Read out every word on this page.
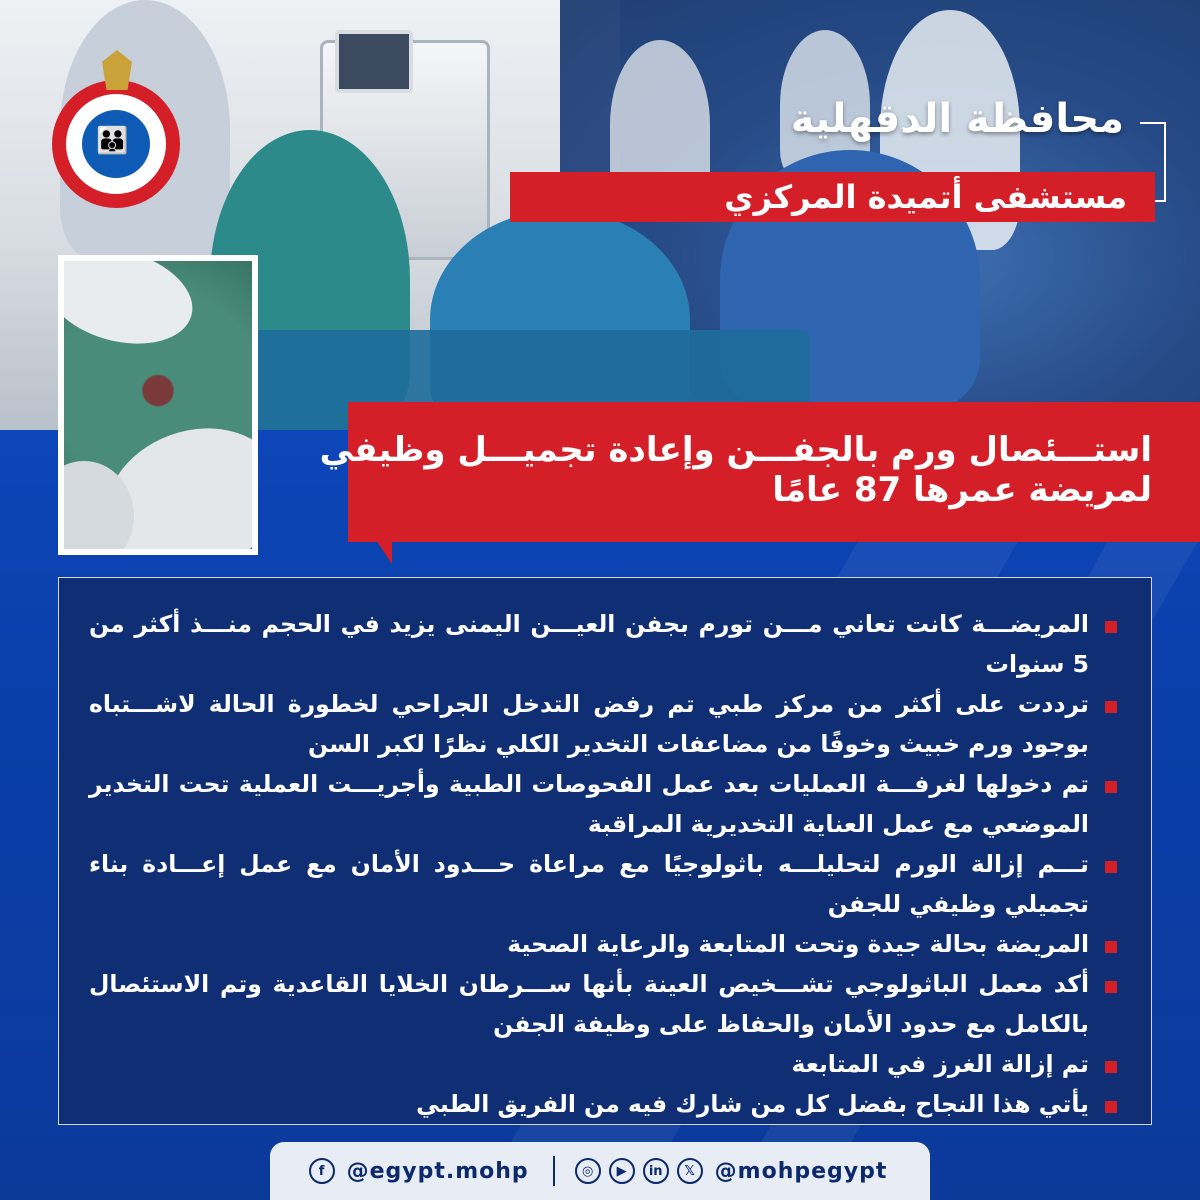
👪	محافظة الدقهلية
مستشفى أتميدة المركزي
استـــئصال ورم بالجفـــن وإعادة تجميـــل وظيفي
لمريضة عمرها 87 عامًا
المريضـــة كانت تعاني مـــن تورم بجفن العيـــن اليمنى يزيد في الحجم منـــذ أكثر من 5 سنوات
ترددت على أكثر من مركز طبي تم رفض التدخل الجراحي لخطورة الحالة لاشـــتباه بوجود ورم خبيث وخوفًا من مضاعفات التخدير الكلي نظرًا لكبر السن
تم دخولها لغرفـــة العمليات بعد عمل الفحوصات الطبية وأجريـــت العملية تحت التخدير الموضعي مع عمل العناية التخديرية المراقبة
تـــم إزالة الورم لتحليلـــه باثولوجيًا مع مراعاة حـــدود الأمان مع عمل إعـــادة بناء تجميلي وظيفي للجفن
المريضة بحالة جيدة وتحت المتابعة والرعاية الصحية
أكد معمل الباثولوجي تشـــخيص العينة بأنها ســـرطان الخلايا القاعدية وتم الاستئصال بالكامل مع حدود الأمان والحفاظ على وظيفة الجفن
تم إزالة الغرز في المتابعة
يأتي هذا النجاح بفضل كل من شارك فيه من الفريق الطبي
f	@egypt.mohp	◎	▶	in	𝕏 @mohpegypt
